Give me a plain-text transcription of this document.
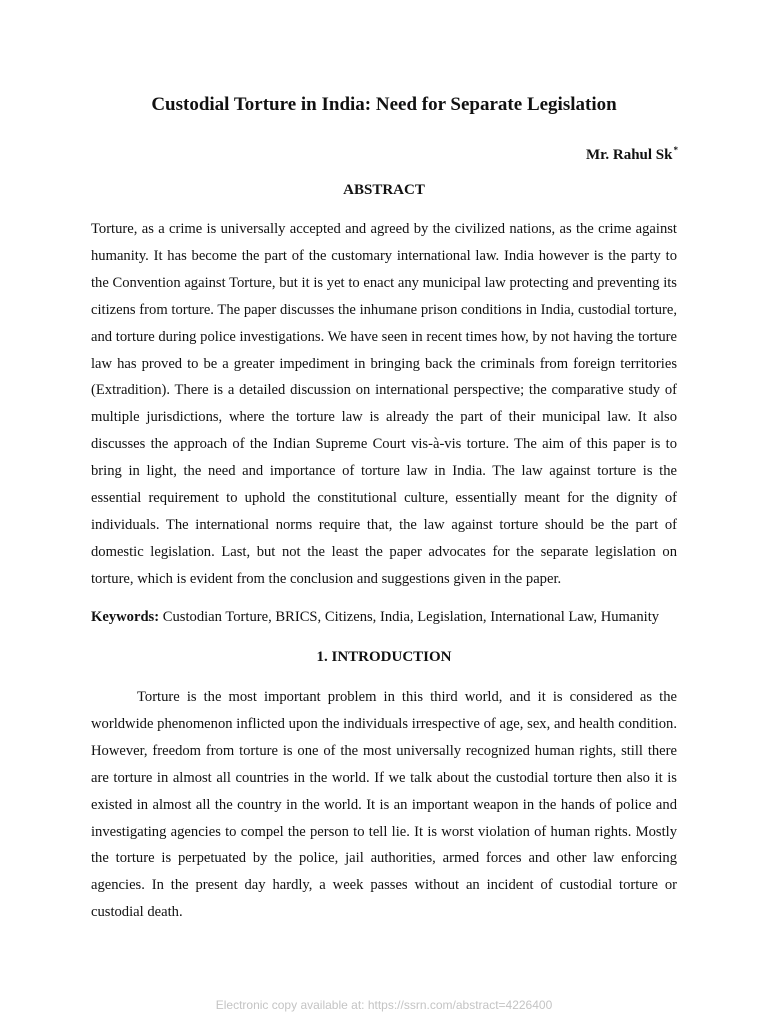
Custodial Torture in India: Need for Separate Legislation
Mr. Rahul Sk*
ABSTRACT

Torture, as a crime is universally accepted and agreed by the civilized nations, as the crime against humanity. It has become the part of the customary international law. India however is the party to the Convention against Torture, but it is yet to enact any municipal law protecting and preventing its citizens from torture. The paper discusses the inhumane prison conditions in India, custodial torture, and torture during police investigations. We have seen in recent times how, by not having the torture law has proved to be a greater impediment in bringing back the criminals from foreign territories (Extradition). There is a detailed discussion on international perspective; the comparative study of multiple jurisdictions, where the torture law is already the part of their municipal law. It also discusses the approach of the Indian Supreme Court vis-à-vis torture. The aim of this paper is to bring in light, the need and importance of torture law in India. The law against torture is the essential requirement to uphold the constitutional culture, essentially meant for the dignity of individuals. The international norms require that, the law against torture should be the part of domestic legislation. Last, but not the least the paper advocates for the separate legislation on torture, which is evident from the conclusion and suggestions given in the paper.

Keywords: Custodian Torture, BRICS, Citizens, India, Legislation, International Law, Humanity
1. INTRODUCTION

Torture is the most important problem in this third world, and it is considered as the worldwide phenomenon inflicted upon the individuals irrespective of age, sex, and health condition. However, freedom from torture is one of the most universally recognized human rights, still there are torture in almost all countries in the world. If we talk about the custodial torture then also it is existed in almost all the country in the world. It is an important weapon in the hands of police and investigating agencies to compel the person to tell lie. It is worst violation of human rights. Mostly the torture is perpetuated by the police, jail authorities, armed forces and other law enforcing agencies. In the present day hardly, a week passes without an incident of custodial torture or custodial death.

Electronic copy available at: https://ssrn.com/abstract=4226400
